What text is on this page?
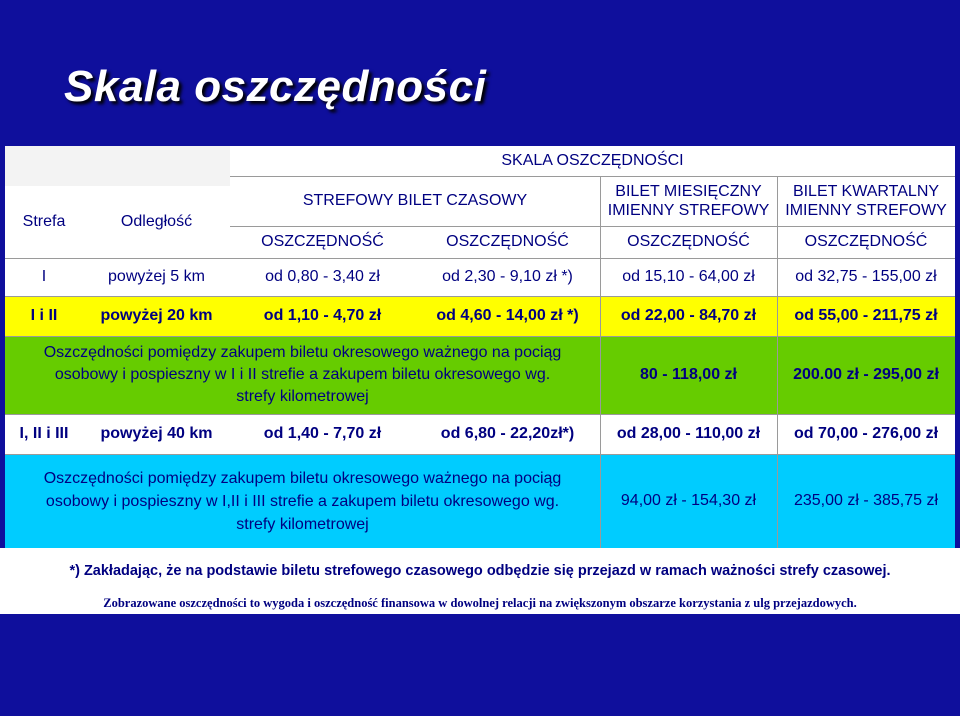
Skala oszczędności
Strefa	Odległość
SKALA OSZCZĘDNOŚCI
STREFOWY BILET CZASOWY
BILET MIESIĘCZNY
IMIENNY STREFOWY
BILET KWARTALNY
IMIENNY STREFOWY
OSZCZĘDNOŚĆ	OSZCZĘDNOŚĆ	OSZCZĘDNOŚĆ	OSZCZĘDNOŚĆ
I	powyżej 5 km	od 0,80 - 3,40 zł	od 2,30 - 9,10 zł *)	od 15,10 - 64,00 zł	od 32,75 - 155,00 zł
I i II	powyżej 20 km	od 1,10 - 4,70 zł	od 4,60 - 14,00 zł *)	od 22,00 - 84,70 zł od 55,00 - 211,75 zł
Oszczędności pomiędzy zakupem biletu okresowego ważnego na pociąg
osobowy i pospieszny w I i II strefie a zakupem biletu okresowego wg.
strefy kilometrowej
80 - 118,00 zł	200.00 zł - 295,00 zł
I, II i III powyżej 40 km	od 1,40 - 7,70 zł	od 6,80 - 22,20zł*)	od 28,00 - 110,00 zł od 70,00 - 276,00 zł
Oszczędności pomiędzy zakupem biletu okresowego ważnego na pociąg
osobowy i pospieszny w I,II i III strefie a zakupem biletu okresowego wg.
strefy kilometrowej
94,00 zł - 154,30 zł 235,00 zł - 385,75 zł
*) Zakładając, że na podstawie biletu strefowego czasowego odbędzie się przejazd w ramach ważności strefy czasowej.
Zobrazowane oszczędności to wygoda i oszczędność finansowa w dowolnej relacji na zwiększonym obszarze korzystania z ulg przejazdowych.
